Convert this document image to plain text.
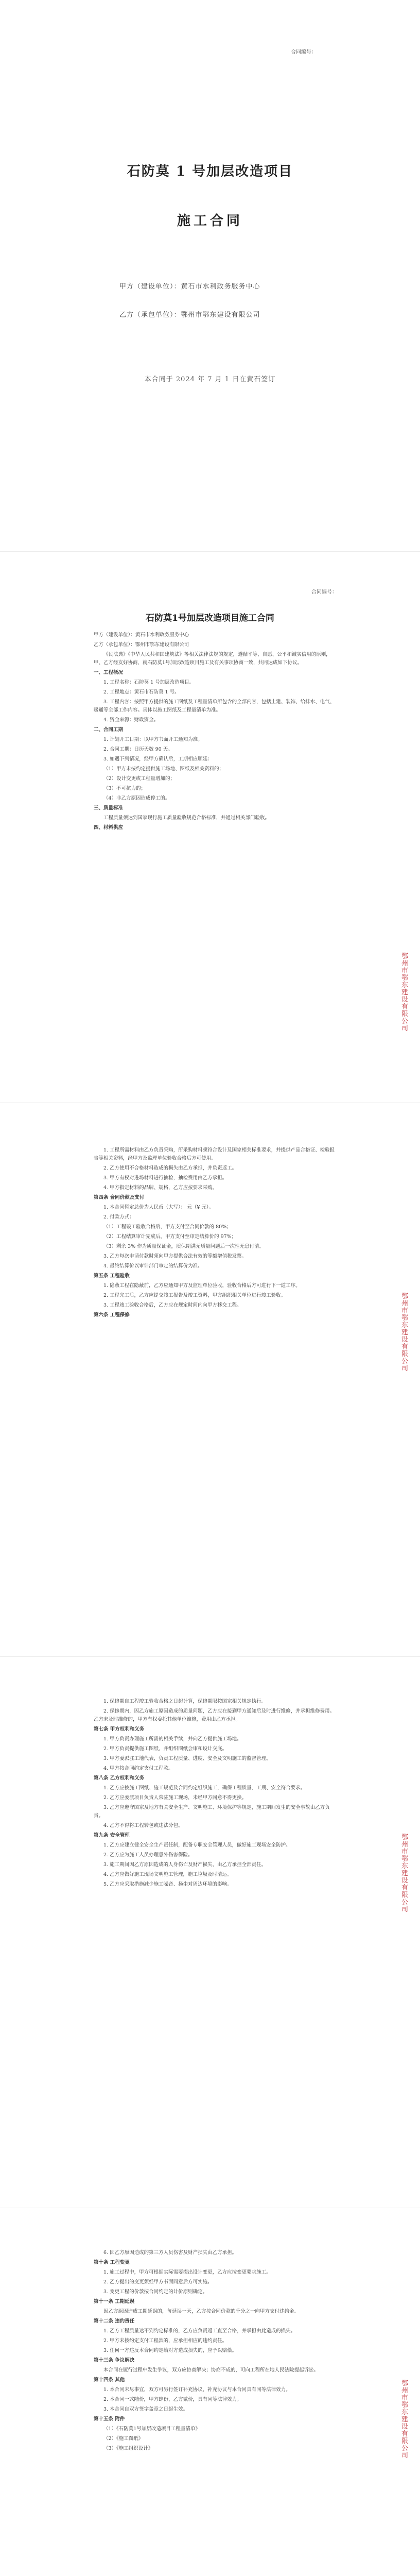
合同编号：
石防莫 1 号加层改造项目
施工合同
甲方（建设单位）：黄石市水利政务服务中心
乙方（承包单位）：鄂州市鄂东建设有限公司
本合同于 2024 年 7 月 1 日在黄石签订
合同编号：
石防莫1号加层改造项目施工合同

甲方（建设单位）：黄石市水利政务服务中心

乙方（承包单位）：鄂州市鄂东建设有限公司

《民法典》《中华人民共和国建筑法》等相关法律法规的规定，遵循平等、自愿、公平和诚实信用的原则，甲、乙方经友好协商，就石防莫1号加层改造项目施工及有关事项协商一致，共同达成如下协议。

一、工程概况

1. 工程名称：石防莫 1 号加层改造项目。

2. 工程地点：黄石市石防莫 1 号。

3. 工程内容：按照甲方提供的施工图纸及工程量清单所包含的全部内容，包括土建、装饰、给排水、电气、暖通等全部工作内容。具体以施工图纸及工程量清单为准。

4. 资金来源：财政资金。

二、合同工期

1. 计划开工日期：以甲方书面开工通知为准。

2. 合同工期：日历天数 90 天。

3. 如遇下列情况，经甲方确认后，工期相应顺延：

（1）甲方未按约定提供施工场地、图纸及相关资料的；

（2）设计变更或工程量增加的；

（3）不可抗力的；

（4）非乙方原因造成停工的。

三、质量标准

工程质量须达到国家现行施工质量验收规范合格标准，并通过相关部门验收。

四、材料供应

鄂州市鄂东建设有限公司

1. 工程所需材料由乙方负责采购，所采购材料须符合设计及国家相关标准要求，并提供产品合格证、检验报告等相关资料，经甲方及监理单位验收合格后方可使用。

2. 乙方使用不合格材料造成的损失由乙方承担，并负责返工。

3. 甲方有权对进场材料进行抽检，抽检费用由乙方承担。

4. 甲方指定材料的品牌、规格，乙方应按要求采购。

第四条 合同价款及支付

1. 本合同暂定总价为人民币（大写）： 元（¥ 元）。

2. 付款方式：

（1）工程竣工验收合格后，甲方支付至合同价款的 80%；

（2）工程结算审计完成后，甲方支付至审定结算价的 97%；

（3）剩余 3% 作为质量保证金，质保期满无质量问题后一次性无息付清。

3. 乙方每次申请付款时须向甲方提供合法有效的等额增值税发票。

4. 最终结算价以审计部门审定的结算价为准。

第五条 工程验收

1. 隐蔽工程在隐蔽前，乙方应通知甲方及监理单位验收，验收合格后方可进行下一道工序。

2. 工程完工后，乙方应提交竣工报告及竣工资料，甲方组织相关单位进行竣工验收。

3. 工程竣工验收合格后，乙方应在规定时间内向甲方移交工程。

第六条 工程保修

鄂州市鄂东建设有限公司

1. 保修期自工程竣工验收合格之日起计算，保修期限按国家相关规定执行。

2. 保修期内，因乙方施工原因造成的质量问题，乙方应在接到甲方通知后及时进行维修，并承担维修费用。乙方未及时维修的，甲方有权委托其他单位维修，费用由乙方承担。

第七条 甲方权利和义务

1. 甲方负责办理施工所需的相关手续，并向乙方提供施工场地。

2. 甲方负责提供施工图纸，并组织图纸会审和设计交底。

3. 甲方委派驻工地代表，负责工程质量、进度、安全及文明施工的监督管理。

4. 甲方按合同约定支付工程款。

第八条 乙方权利和义务

1. 乙方应按施工图纸、施工规范及合同约定组织施工，确保工程质量、工期、安全符合要求。

2. 乙方应委派项目负责人常驻施工现场，未经甲方同意不得更换。

3. 乙方应遵守国家及地方有关安全生产、文明施工、环境保护等规定，施工期间发生的安全事故由乙方负责。

4. 乙方不得将工程转包或违法分包。

第九条 安全管理

1. 乙方应建立健全安全生产责任制，配备专职安全管理人员，做好施工现场安全防护。

2. 乙方应为施工人员办理意外伤害保险。

3. 施工期间因乙方原因造成的人身伤亡及财产损失，由乙方承担全部责任。

4. 乙方应做好施工现场文明施工管理，施工垃圾及时清运。

5. 乙方应采取措施减少施工噪音、扬尘对周边环境的影响。

鄂州市鄂东建设有限公司

6. 因乙方原因造成的第三方人员伤害及财产损失由乙方承担。

第十条 工程变更

1. 施工过程中，甲方可根据实际需要提出设计变更，乙方应按变更要求施工。

2. 乙方提出的变更须经甲方书面同意后方可实施。

3. 变更工程的价款按合同约定的计价原则确定。

第十一条 工期延误

因乙方原因造成工期延误的，每延误一天，乙方按合同价款的千分之一向甲方支付违约金。

第十二条 违约责任

1. 乙方工程质量达不到约定标准的，乙方应负责返工直至合格，并承担由此造成的损失。

2. 甲方未按约定支付工程款的，应承担相应的违约责任。

3. 任何一方违反本合同约定给对方造成损失的，应予以赔偿。

第十三条 争议解决

本合同在履行过程中发生争议，双方应协商解决；协商不成的，可向工程所在地人民法院提起诉讼。

第十四条 其他

1. 本合同未尽事宜，双方可另行签订补充协议，补充协议与本合同具有同等法律效力。

2. 本合同一式陆份，甲方肆份，乙方贰份，具有同等法律效力。

3. 本合同自双方签字盖章之日起生效。

第十五条 附件

（1）《石防莫1号加层改造项目工程量清单》

（2）《施工图纸》

（3）《施工组织设计》

鄂州市鄂东建设有限公司
